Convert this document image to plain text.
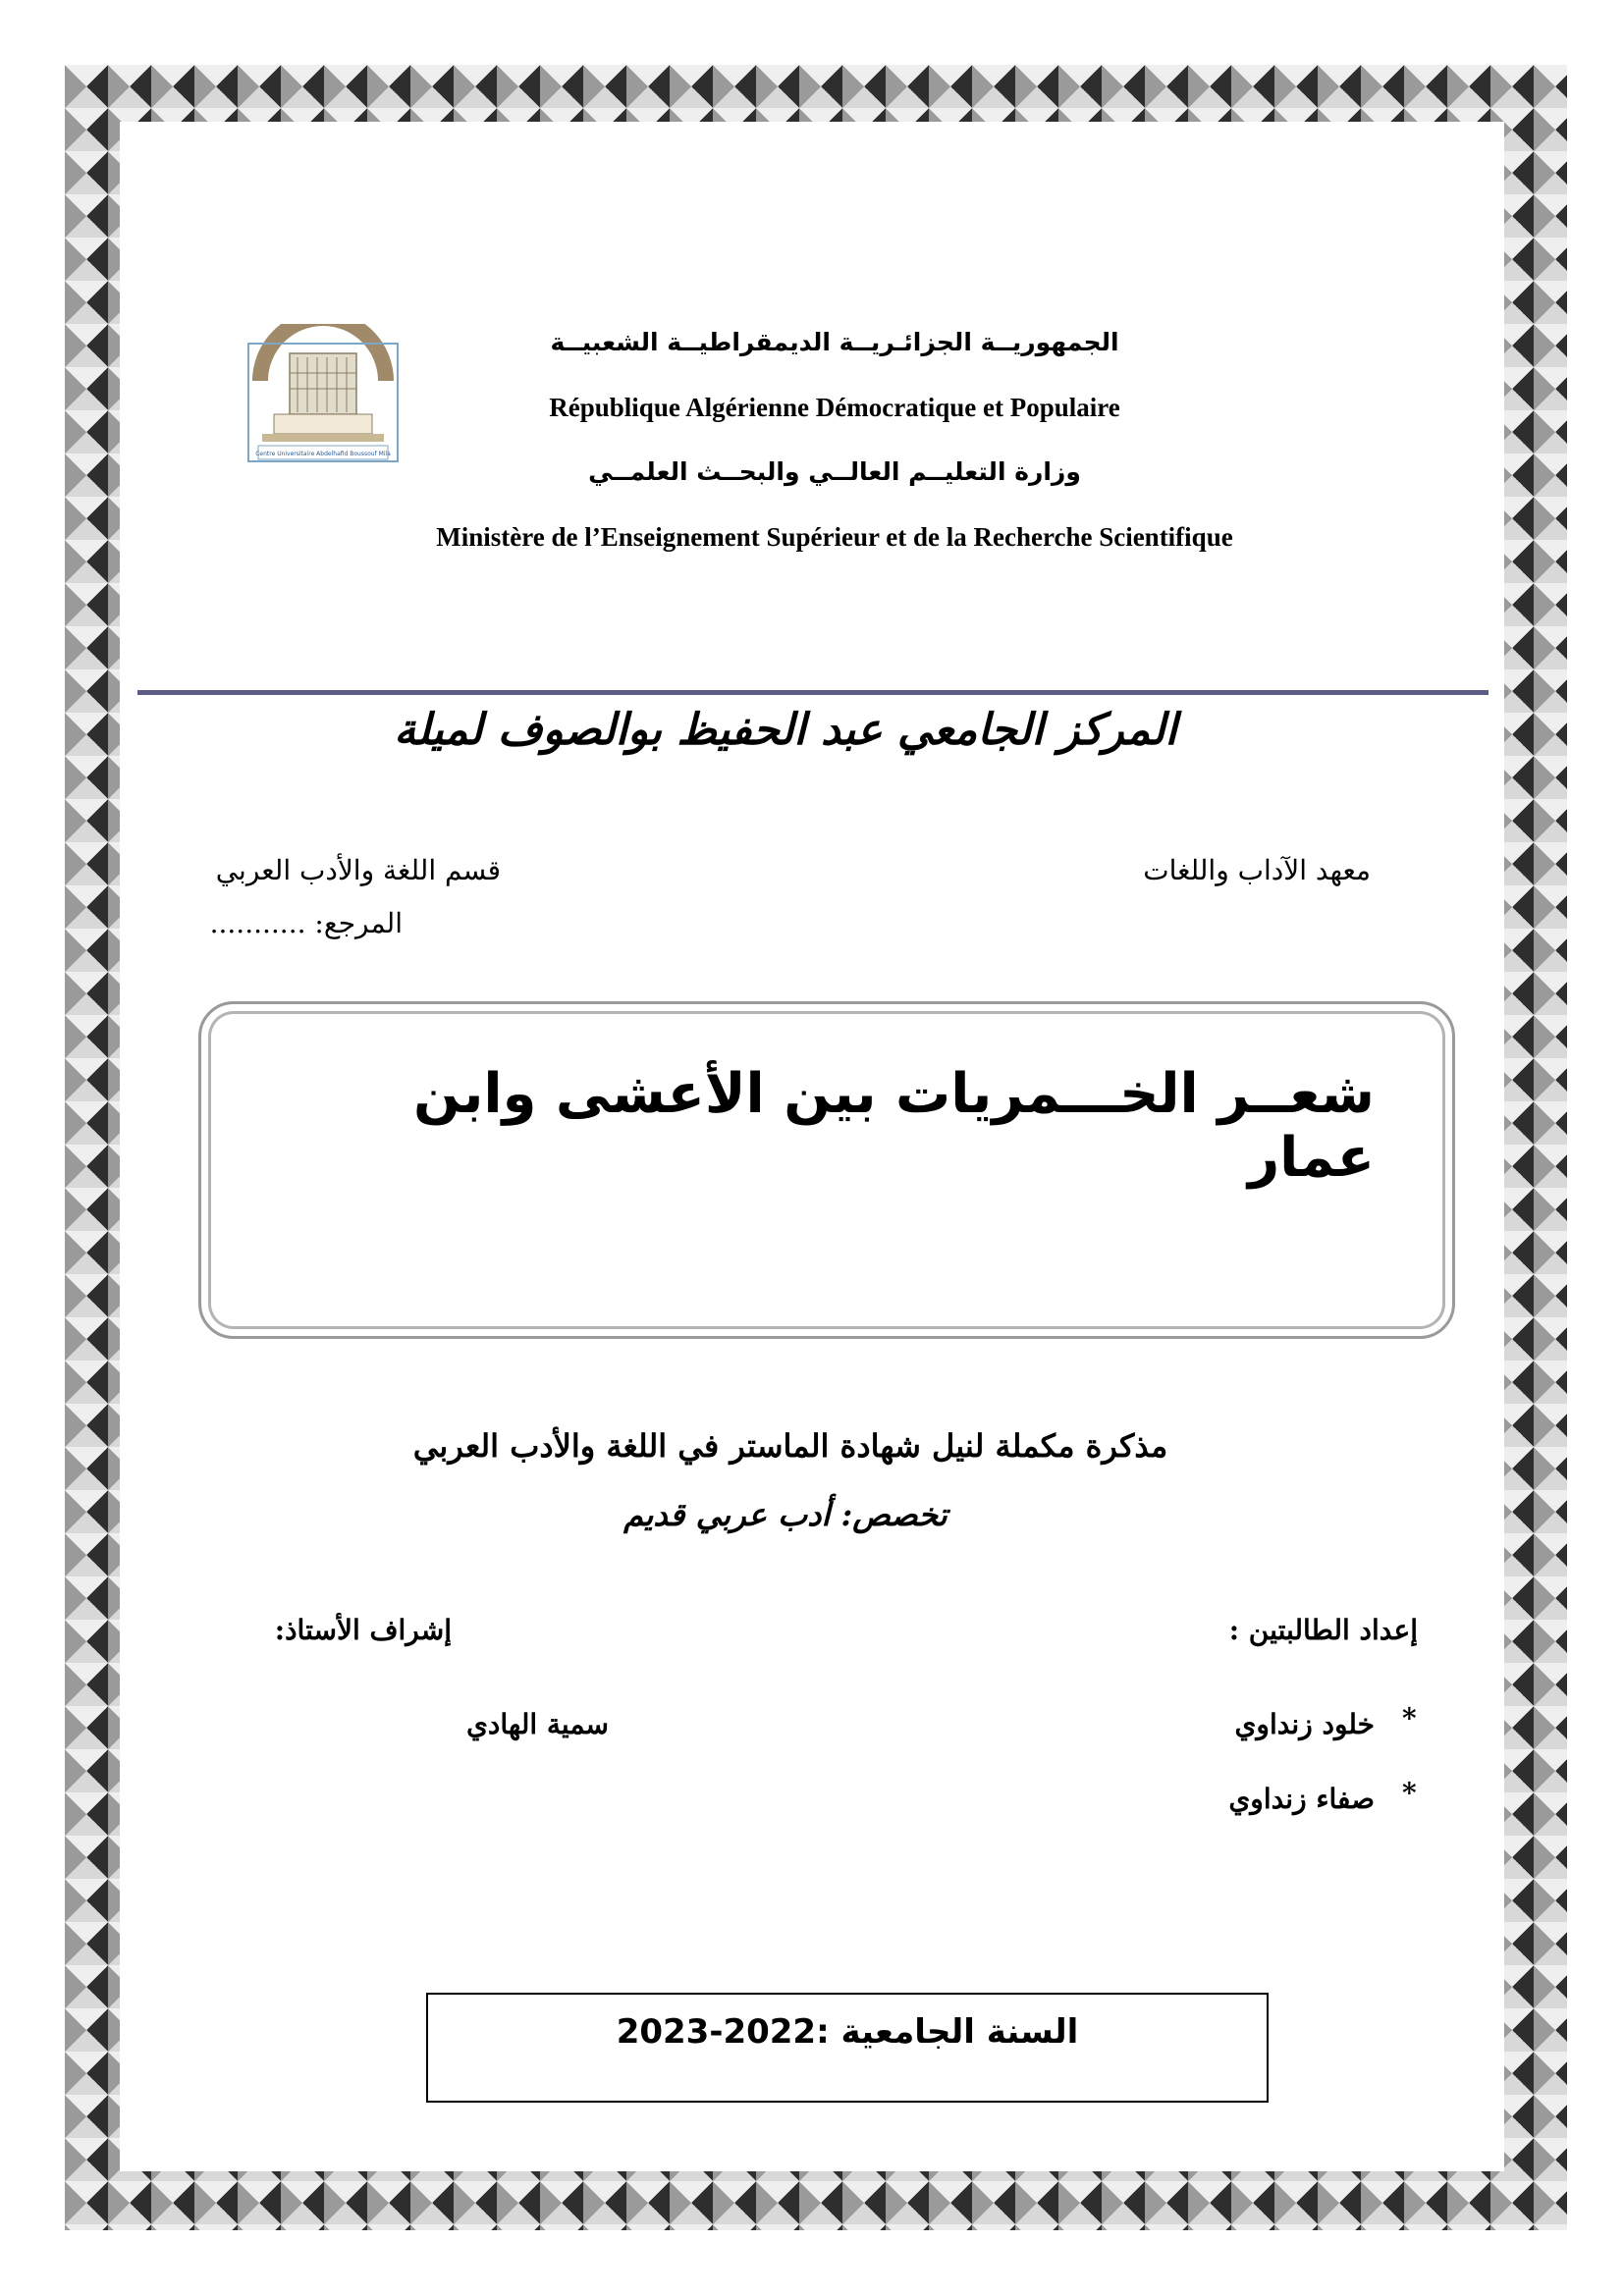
Centre Universitaire Abdelhafid Boussouf Mila
الجمهوريــة الجزائـريــة الديمقراطيــة الشعبيــة
République Algérienne Démocratique et Populaire
وزارة التعليــم العالــي والبحــث العلمــي
Ministère de l’Enseignement Supérieur et de la Recherche Scientifique
المركز الجامعي عبد الحفيظ بوالصوف لميلة
معهد الآداب واللغات
قسم اللغة والأدب العربي
المرجع: ...........
شعــر الخـــمريات بين الأعشى وابن عمار
مذكرة مكملة لنيل شهادة الماستر في اللغة والأدب العربي
تخصص: أدب عربي قديم
إعداد الطالبتين :
إشراف الأستاذ:
*
خلود زنداوي
سمية الهادي
*
صفاء زنداوي
السنة الجامعية :2022-2023
